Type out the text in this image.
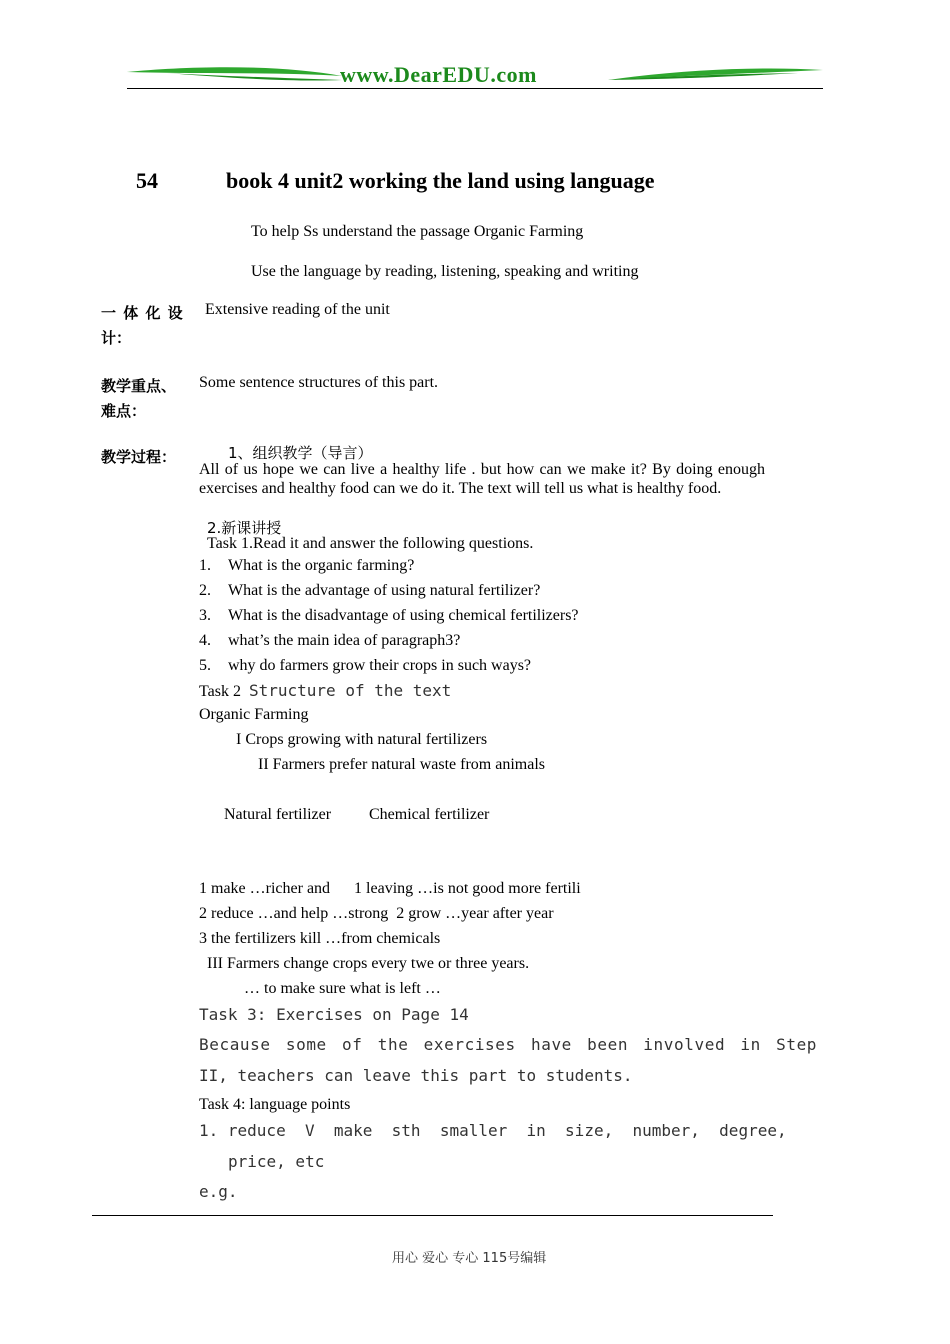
www.DearEDU.com
54	book 4 unit2 working the land using language
To help Ss understand the passage Organic Farming
Use the language by reading, listening, speaking and writing
一 体 化 设
计：
Extensive reading of the unit
教学重点、
难点：
Some sentence structures of this part.
教学过程：	1、组织教学（导言）
All of us hope we can live a healthy life . but how can we make it? By doing enough exercises and healthy food can we do it. The text will tell us what is healthy food.
2.新课讲授
Task 1.Read it and answer the following questions.
1. What is the organic farming?
2. What is the advantage of using natural fertilizer?
3. What is the disadvantage of using chemical fertilizers?
4. what’s the main idea of paragraph3?
5. why do farmers grow their crops in such ways?
Task 2 Structure of the text
Organic Farming
I Crops growing with natural fertilizers
II Farmers prefer natural waste from animals
Natural fertilizer Chemical fertilizer
1 make …richer and      1 leaving …is not good more fertili
2 reduce …and help …strong  2 grow …year after year
3 the fertilizers kill …from chemicals
III Farmers change crops every twe or three years.
… to make sure what is left …
Task 3: Exercises on Page 14
Because some of the exercises have been involved in Step
II, teachers can leave this part to students.
Task 4: language points
1. reduce  V  make  sth  smaller  in  size,  number,  degree,
price, etc
e.g.
用心 爱心 专心 115号编辑
